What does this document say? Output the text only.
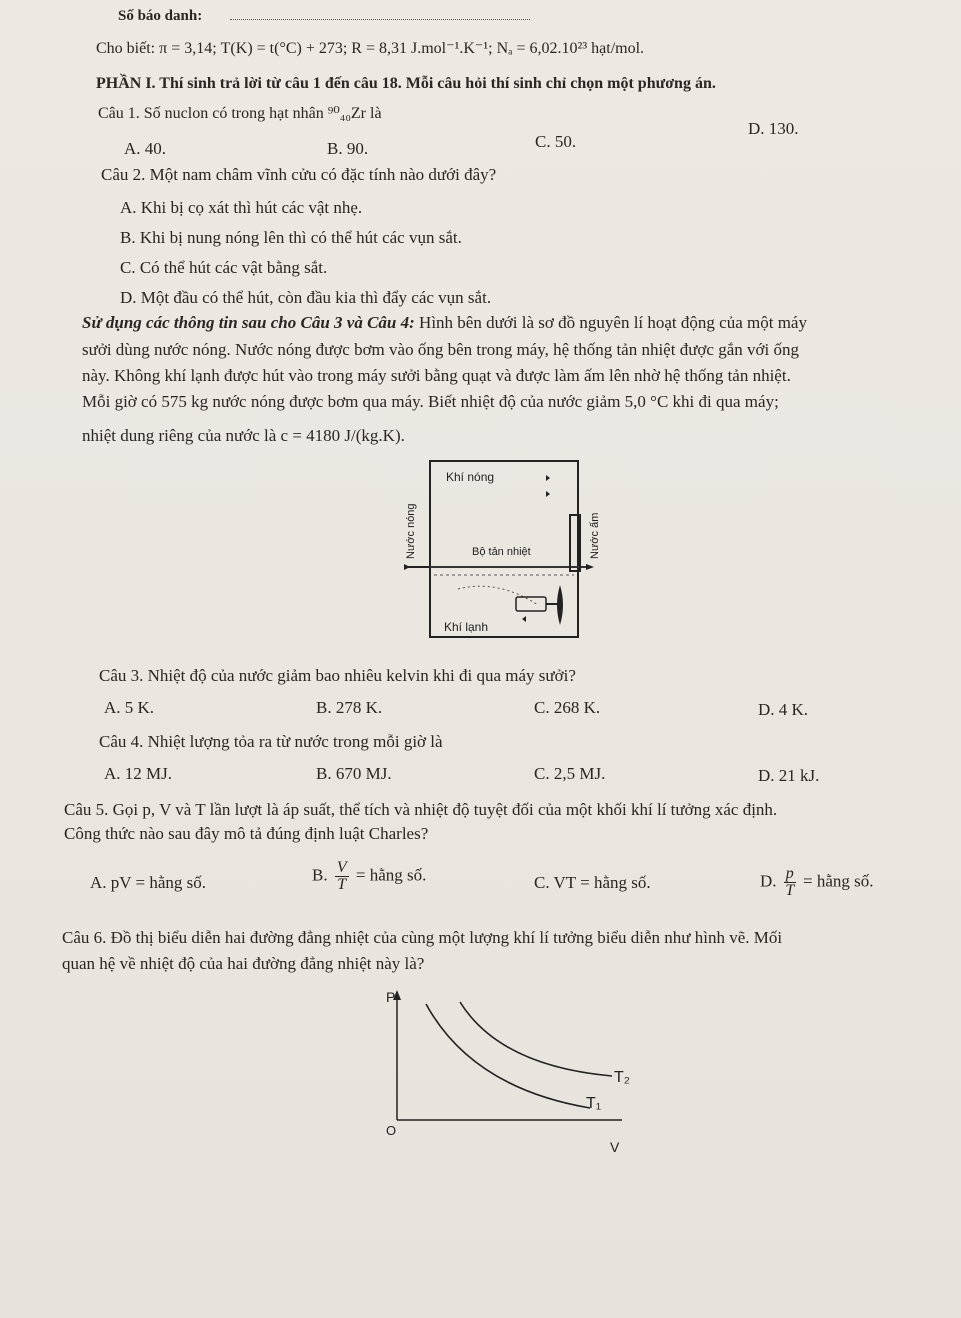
Số báo danh:
Cho biết: π = 3,14; T(K) = t(°C) + 273; R = 8,31 J.mol⁻¹.K⁻¹; Nₐ = 6,02.10²³ hạt/mol.
PHẦN I. Thí sinh trả lời từ câu 1 đến câu 18. Mỗi câu hỏi thí sinh chỉ chọn một phương án.
Câu 1. Số nuclon có trong hạt nhân ⁹⁰₄₀Zr là
A. 40.	B. 90.	C. 50.
D. 130.
Câu 2. Một nam châm vĩnh cửu có đặc tính nào dưới đây?
A. Khi bị cọ xát thì hút các vật nhẹ.
B. Khi bị nung nóng lên thì có thể hút các vụn sắt.
C. Có thể hút các vật bằng sắt.
D. Một đầu có thể hút, còn đầu kia thì đẩy các vụn sắt.
Sử dụng các thông tin sau cho Câu 3 và Câu 4: Hình bên dưới là sơ đồ nguyên lí hoạt động của một máy
sưởi dùng nước nóng. Nước nóng được bơm vào ống bên trong máy, hệ thống tản nhiệt được gắn với ống
này. Không khí lạnh được hút vào trong máy sưởi bằng quạt và được làm ấm lên nhờ hệ thống tản nhiệt.
Mỗi giờ có 575 kg nước nóng được bơm qua máy. Biết nhiệt độ của nước giảm 5,0 °C khi đi qua máy;
nhiệt dung riêng của nước là c = 4180 J/(kg.K).
Khí nóng
Bộ tản nhiệt
Khí lạnh
Nước nóng	Nước ấm
Câu 3. Nhiệt độ của nước giảm bao nhiêu kelvin khi đi qua máy sưởi?
A. 5 K.	B. 278 K.	C. 268 K.	D. 4 K.
Câu 4. Nhiệt lượng tỏa ra từ nước trong mỗi giờ là
A. 12 MJ.	B. 670 MJ.	C. 2,5 MJ.	D. 21 kJ.
Câu 5. Gọi p, V và T lần lượt là áp suất, thể tích và nhiệt độ tuyệt đối của một khối khí lí tưởng xác định.
Công thức nào sau đây mô tả đúng định luật Charles?
A. pV = hằng số.	B. $\frac{V}{T}$ = hằng số.	C. VT = hằng số.	D. $\frac{p}{T}$ = hằng số.
Câu 6. Đồ thị biểu diễn hai đường đẳng nhiệt của cùng một lượng khí lí tưởng biểu diễn như hình vẽ. Mối
quan hệ về nhiệt độ của hai đường đẳng nhiệt này là?
P
O
V
T₂
T₁
